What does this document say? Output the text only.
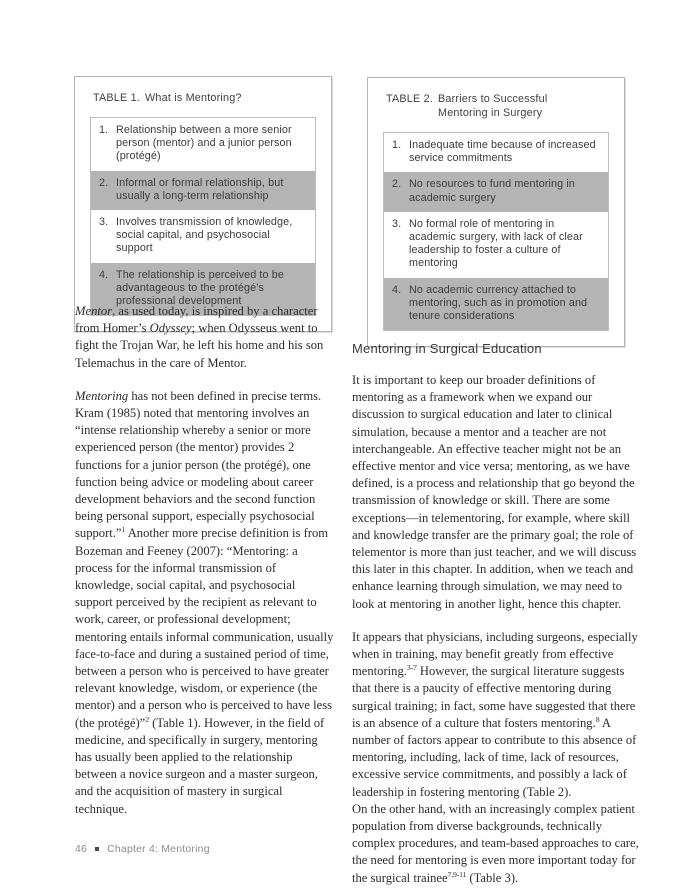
TABLE 1. What is Mentoring?
1. Relationship between a more senior person (mentor) and a junior person (protégé)
2. Informal or formal relationship, but usually a long-term relationship
3. Involves transmission of knowledge, social capital, and psychosocial support
4. The relationship is perceived to be advantageous to the protégé’s professional development
TABLE 2. Barriers to Successful Mentoring in Surgery
1. Inadequate time because of increased service commitments
2. No resources to fund mentoring in academic surgery
3. No formal role of mentoring in academic surgery, with lack of clear leadership to foster a culture of mentoring
4. No academic currency attached to mentoring, such as in promotion and tenure considerations

Mentor, as used today, is inspired by a character from Homer’s Odyssey; when Odysseus went to fight the Trojan War, he left his home and his son Telemachus in the care of Mentor.

Mentoring has not been defined in precise terms. Kram (1985) noted that mentoring involves an “intense relationship whereby a senior or more experienced person (the mentor) provides 2 functions for a junior person (the protégé), one function being advice or modeling about career development behaviors and the second function being personal support, especially psychosocial support.”$^1$ Another more precise definition is from Bozeman and Feeney (2007): “Mentoring: a process for the informal transmission of knowledge, social capital, and psychosocial support perceived by the recipient as relevant to work, career, or professional development; mentoring entails informal communication, usually face-to-face and during a sustained period of time, between a person who is perceived to have greater relevant knowledge, wisdom, or experience (the mentor) and a person who is perceived to have less (the protégé)”$^2$ (Table 1). However, in the field of medicine, and specifically in surgery, mentoring has usually been applied to the relationship between a novice surgeon and a master surgeon, and the acquisition of mastery in surgical technique.

Mentoring in Surgical Education

It is important to keep our broader definitions of mentoring as a framework when we expand our discussion to surgical education and later to clinical simulation, because a mentor and a teacher are not interchangeable. An effective teacher might not be an effective mentor and vice versa; mentoring, as we have defined, is a process and relationship that go beyond the transmission of knowledge or skill. There are some exceptions—in telementoring, for example, where skill and knowledge transfer are the primary goal; the role of telementor is more than just teacher, and we will discuss this later in this chapter. In addition, when we teach and enhance learning through simulation, we may need to look at mentoring in another light, hence this chapter.

It appears that physicians, including surgeons, especially when in training, may benefit greatly from effective mentoring.$^{3-7}$ However, the surgical literature suggests that there is a paucity of effective mentoring during surgical training; in fact, some have suggested that there is an absence of a culture that fosters mentoring.$^8$ A number of factors appear to contribute to this absence of mentoring, including, lack of time, lack of resources, excessive service commitments, and possibly a lack of leadership in fostering mentoring (Table 2).
On the other hand, with an increasingly complex patient population from diverse backgrounds, technically complex procedures, and team-based approaches to care, the need for mentoring is even more important today for the surgical trainee$^{7,9-11}$ (Table 3).

46 Chapter 4: Mentoring
